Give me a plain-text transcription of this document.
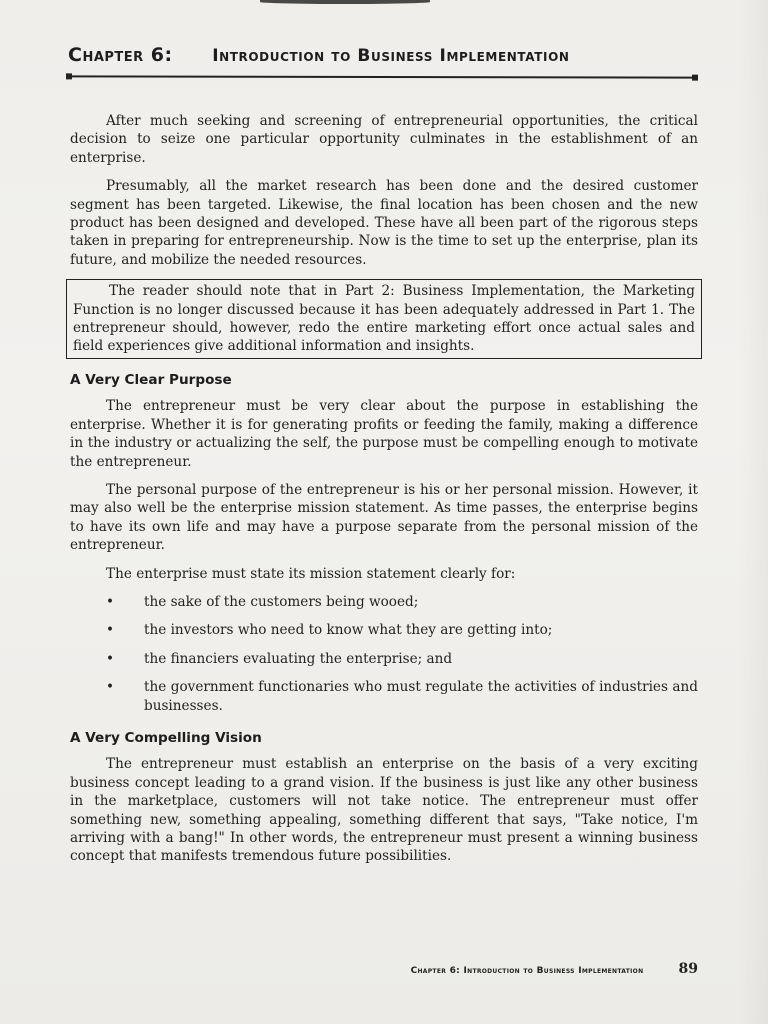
Chapter 6: Introduction to Business Implementation

After much seeking and screening of entrepreneurial opportunities, the critical decision to seize one particular opportunity culminates in the establishment of an enterprise.

Presumably, all the market research has been done and the desired customer segment has been targeted. Likewise, the final location has been chosen and the new product has been designed and developed. These have all been part of the rigorous steps taken in preparing for entrepreneurship. Now is the time to set up the enterprise, plan its future, and mobilize the needed resources.

The reader should note that in Part 2: Business Implementation, the Marketing Function is no longer discussed because it has been adequately addressed in Part 1. The entrepreneur should, however, redo the entire marketing effort once actual sales and field experiences give additional information and insights.

A Very Clear Purpose

The entrepreneur must be very clear about the purpose in establishing the enterprise. Whether it is for generating profits or feeding the family, making a difference in the industry or actualizing the self, the purpose must be compelling enough to motivate the entrepreneur.

The personal purpose of the entrepreneur is his or her personal mission. However, it may also well be the enterprise mission statement. As time passes, the enterprise begins to have its own life and may have a purpose separate from the personal mission of the entrepreneur.

The enterprise must state its mission statement clearly for:

• the sake of the customers being wooed;
• the investors who need to know what they are getting into;
• the financiers evaluating the enterprise; and
• the government functionaries who must regulate the activities of industries and businesses.
A Very Compelling Vision

The entrepreneur must establish an enterprise on the basis of a very exciting business concept leading to a grand vision. If the business is just like any other business in the marketplace, customers will not take notice. The entrepreneur must offer something new, something appealing, something different that says, "Take notice, I'm arriving with a bang!" In other words, the entrepreneur must present a winning business concept that manifests tremendous future possibilities.

Chapter 6: Introduction to Business Implementation	89
